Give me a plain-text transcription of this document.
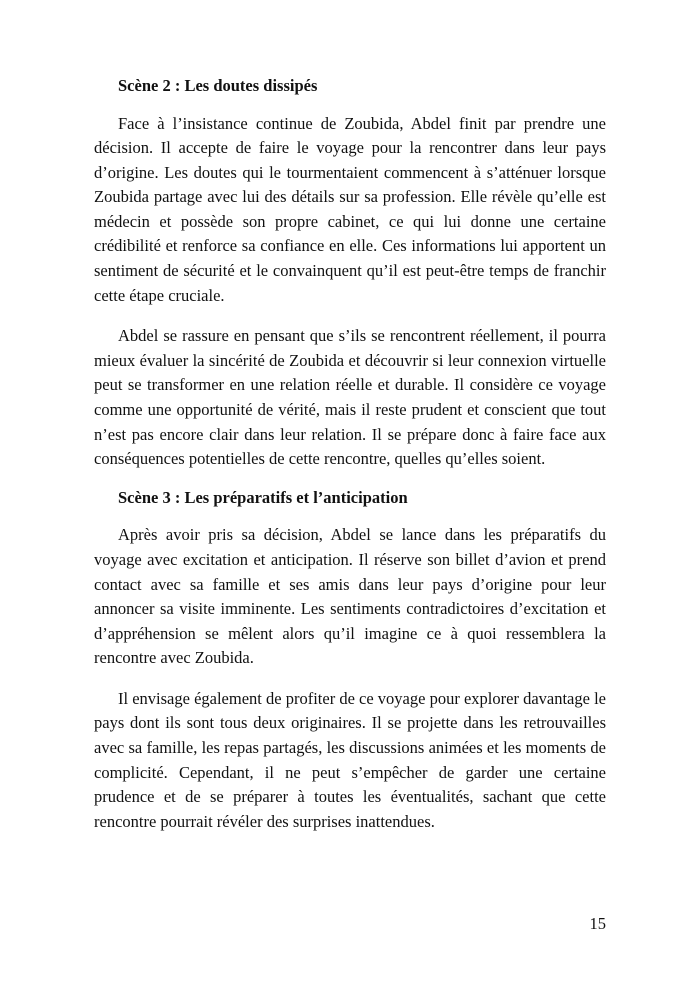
Scène 2 : Les doutes dissipés

Face à l’insistance continue de Zoubida, Abdel finit par prendre une décision. Il accepte de faire le voyage pour la rencontrer dans leur pays d’origine. Les doutes qui le tourmentaient commencent à s’atténuer lorsque Zoubida partage avec lui des détails sur sa profession. Elle révèle qu’elle est médecin et possède son propre cabinet, ce qui lui donne une certaine crédibilité et renforce sa confiance en elle. Ces informations lui apportent un sentiment de sécurité et le convainquent qu’il est peut-être temps de franchir cette étape cruciale.

Abdel se rassure en pensant que s’ils se rencontrent réellement, il pourra mieux évaluer la sincérité de Zoubida et découvrir si leur connexion virtuelle peut se transformer en une relation réelle et durable. Il considère ce voyage comme une opportunité de vérité, mais il reste prudent et conscient que tout n’est pas encore clair dans leur relation. Il se prépare donc à faire face aux conséquences potentielles de cette rencontre, quelles qu’elles soient.

Scène 3 : Les préparatifs et l’anticipation

Après avoir pris sa décision, Abdel se lance dans les préparatifs du voyage avec excitation et anticipation. Il réserve son billet d’avion et prend contact avec sa famille et ses amis dans leur pays d’origine pour leur annoncer sa visite imminente. Les sentiments contradictoires d’excitation et d’appréhension se mêlent alors qu’il imagine ce à quoi ressemblera la rencontre avec Zoubida.

Il envisage également de profiter de ce voyage pour explorer davantage le pays dont ils sont tous deux originaires. Il se projette dans les retrouvailles avec sa famille, les repas partagés, les discussions animées et les moments de complicité. Cependant, il ne peut s’empêcher de garder une certaine prudence et de se préparer à toutes les éventualités, sachant que cette rencontre pourrait révéler des surprises inattendues.

15
